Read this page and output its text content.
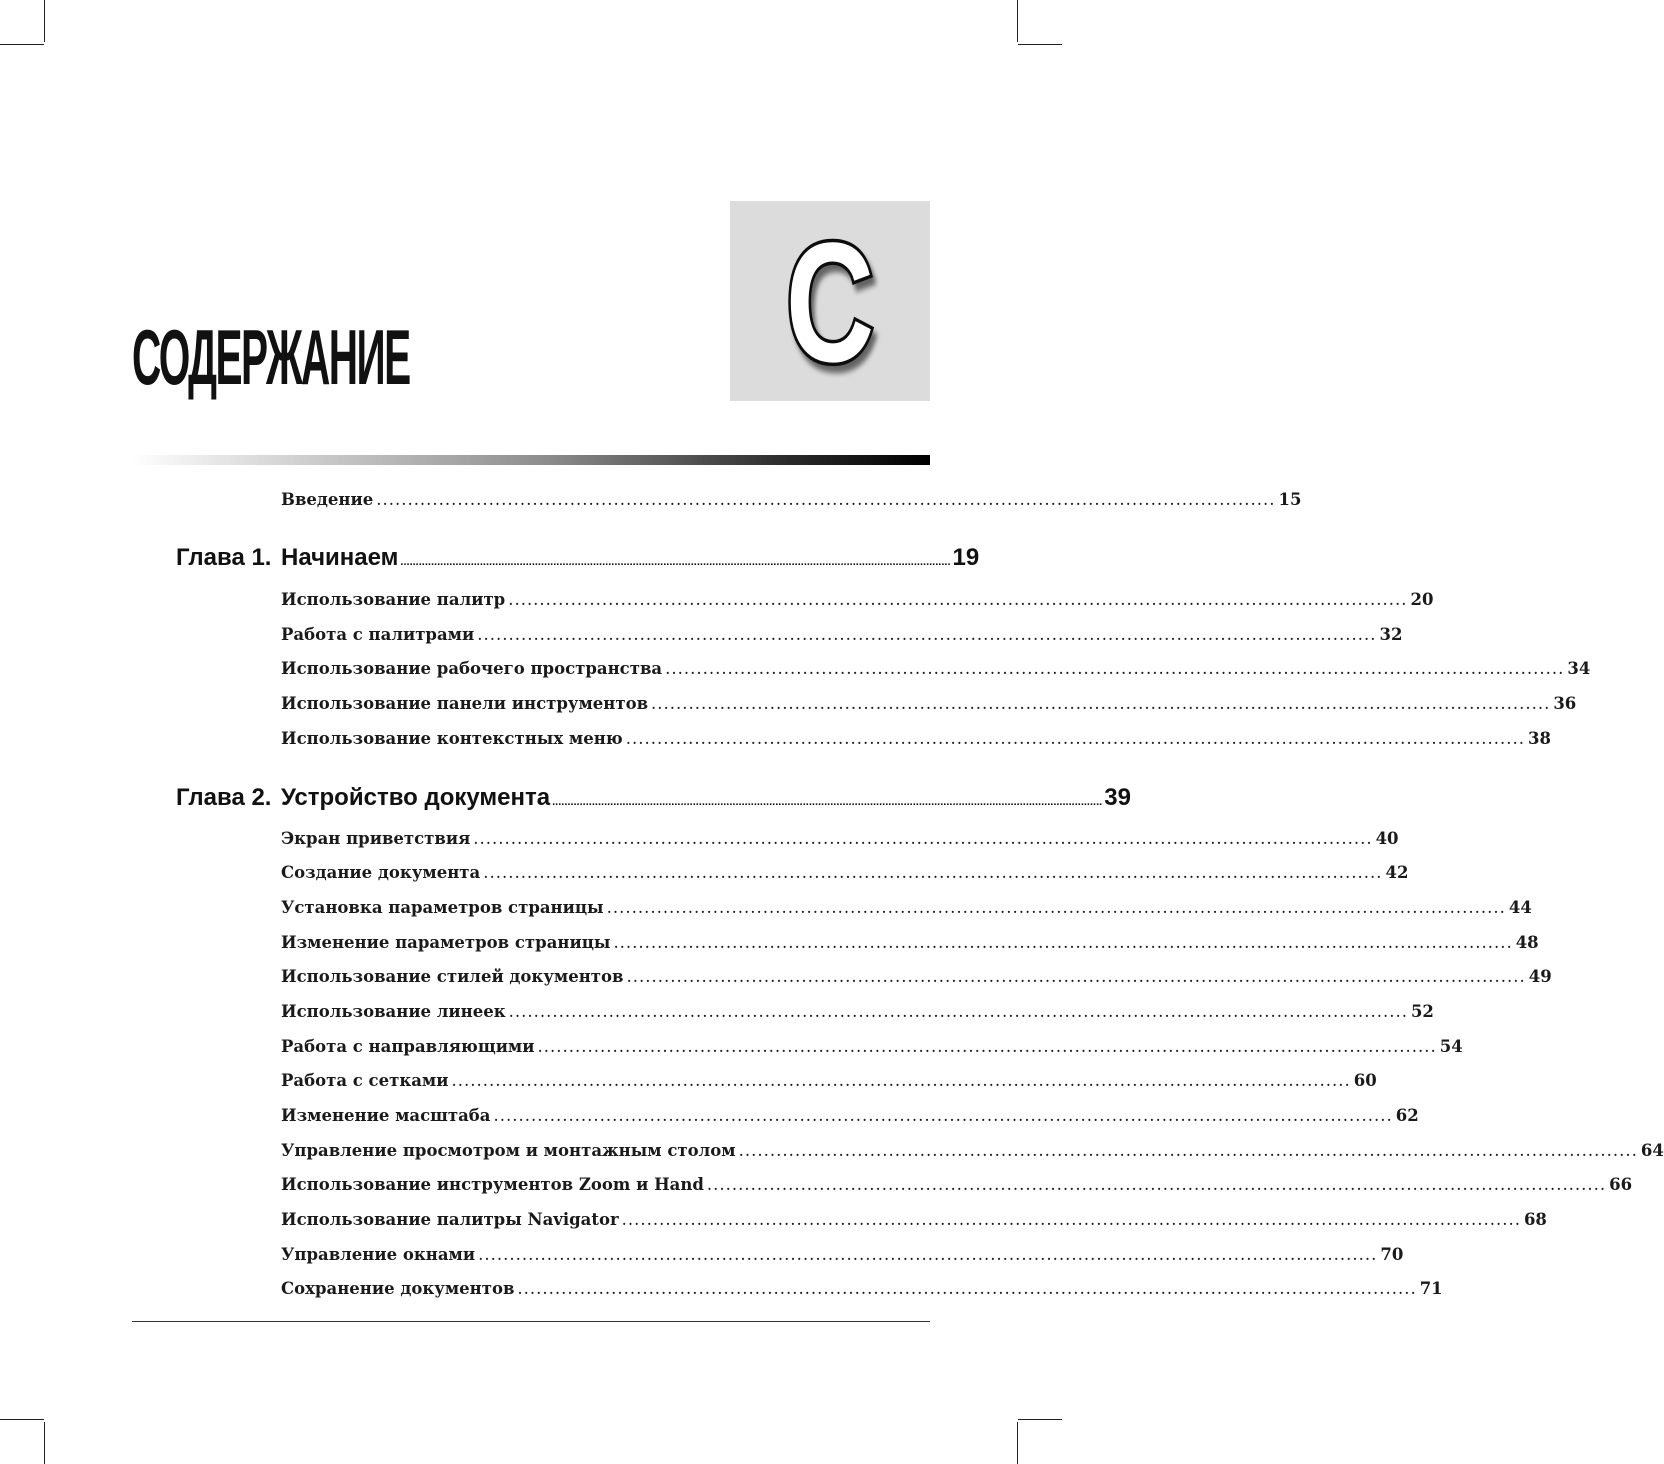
C
СОДЕРЖАНИЕ
Введение ................................................................................................................................................ 15
Глава 1. Начинаем .................................................................................................................................................................................... 19
Использование палитр ................................................................................................................................................ 20
Работа с палитрами ................................................................................................................................................ 32
Использование рабочего пространства ................................................................................................................................................ 34
Использование панели инструментов ................................................................................................................................................ 36
Использование контекстных меню ................................................................................................................................................ 38
Глава 2. Устройство документа .................................................................................................................................................................................... 39
Экран приветствия ................................................................................................................................................ 40
Создание документа ................................................................................................................................................ 42
Установка параметров страницы ................................................................................................................................................ 44
Изменение параметров страницы ................................................................................................................................................ 48
Использование стилей документов ................................................................................................................................................ 49
Использование линеек ................................................................................................................................................ 52
Работа с направляющими ................................................................................................................................................ 54
Работа с сетками ................................................................................................................................................ 60
Изменение масштаба ................................................................................................................................................ 62
Управление просмотром и монтажным столом ................................................................................................................................................ 64
Использование инструментов Zoom и Hand ................................................................................................................................................ 66
Использование палитры Navigator ................................................................................................................................................ 68
Управление окнами ................................................................................................................................................ 70
Сохранение документов ................................................................................................................................................ 71
